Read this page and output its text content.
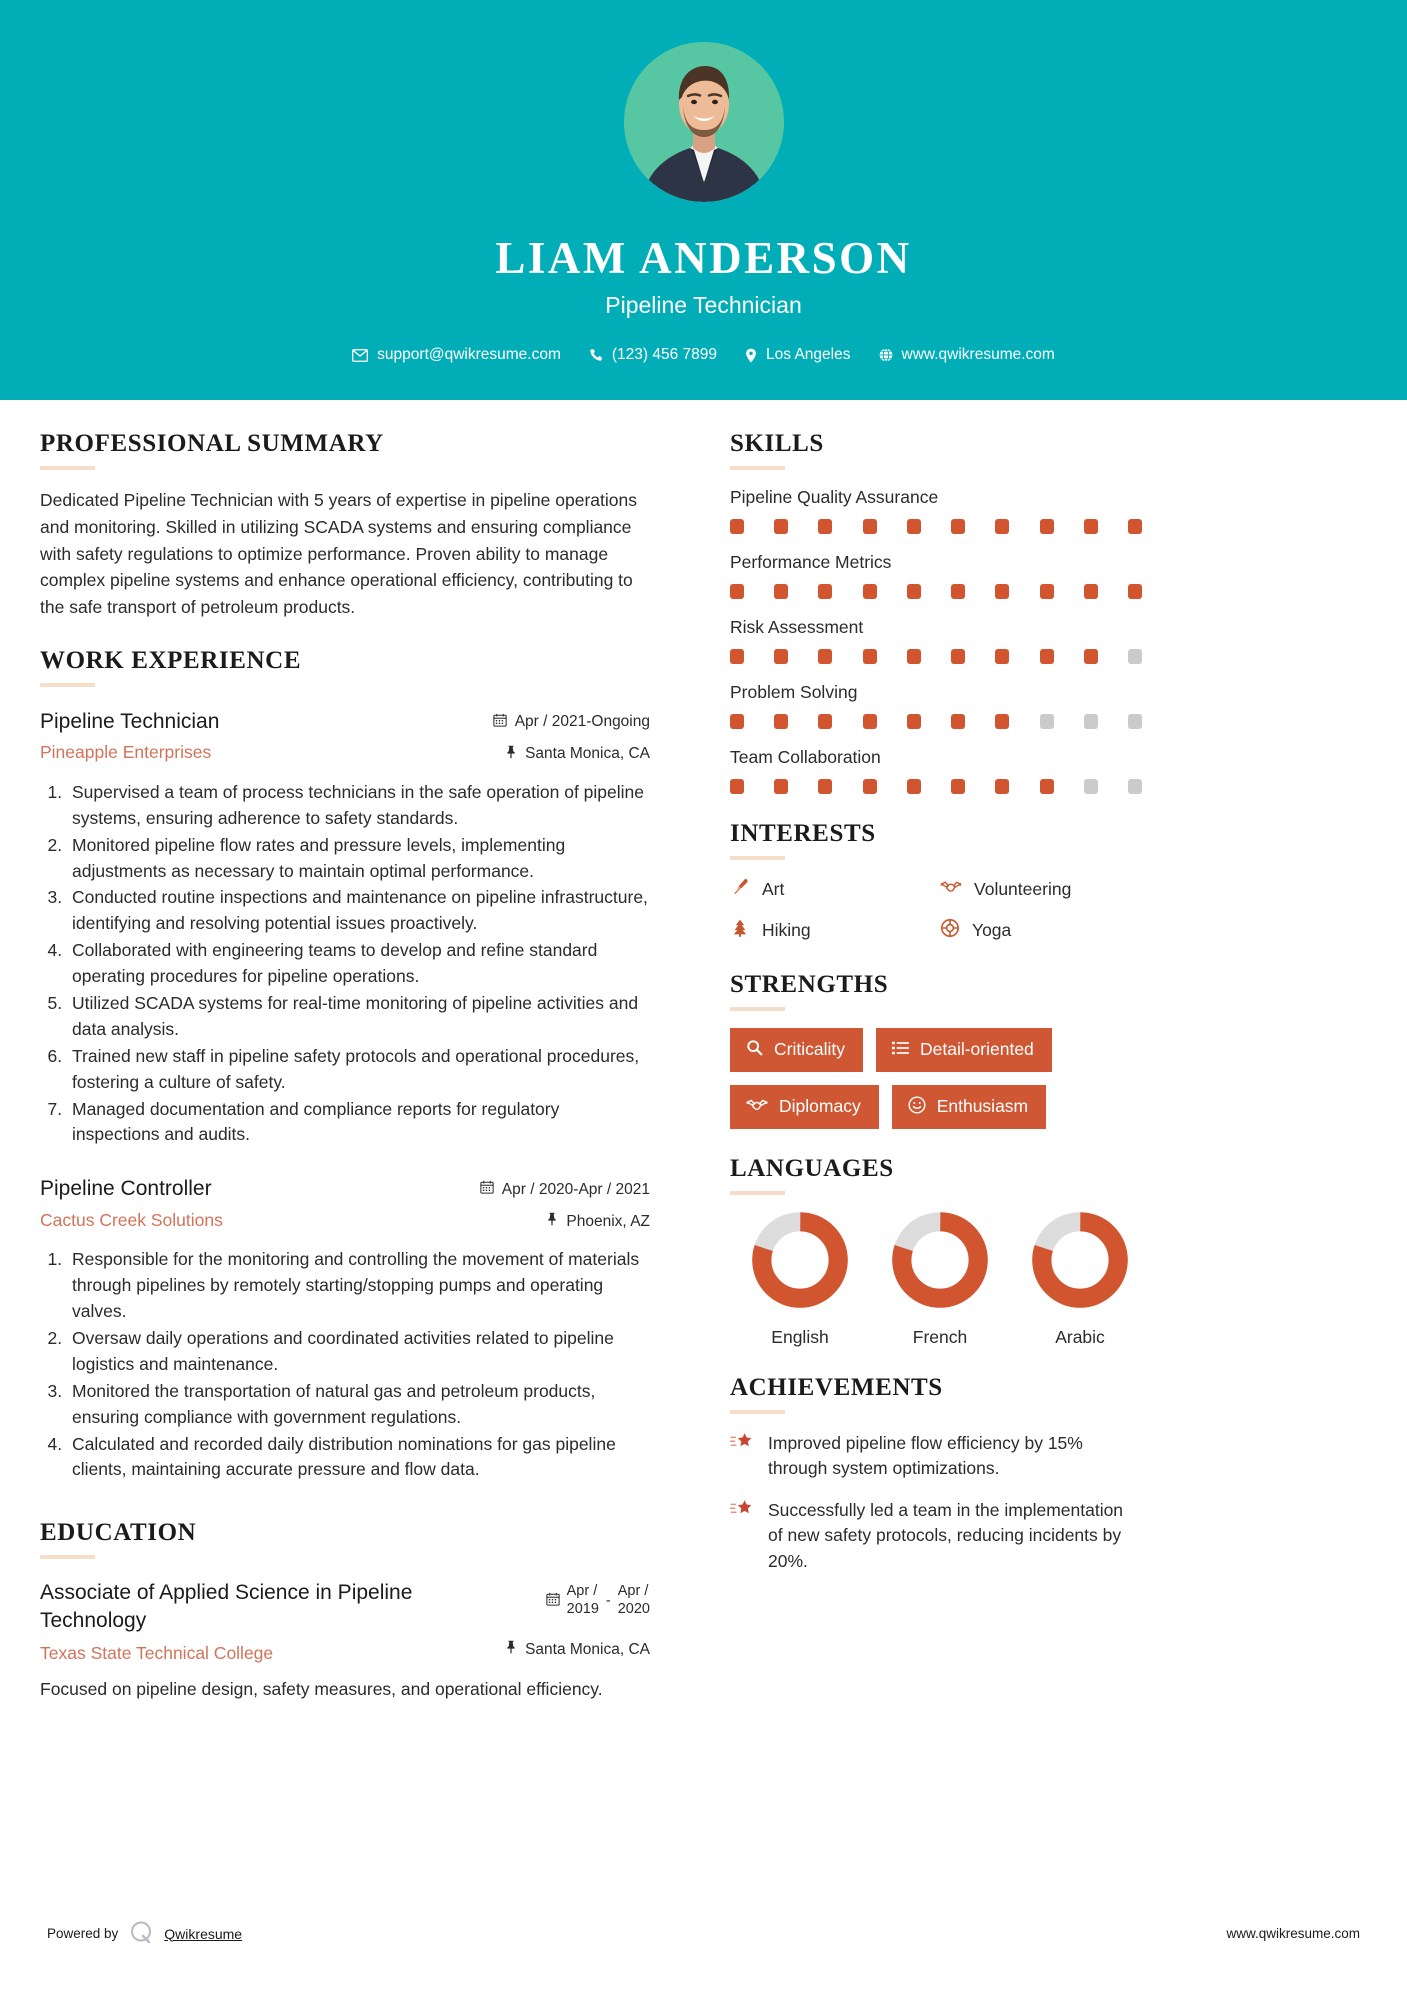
LIAM ANDERSON
Pipeline Technician
support@qwikresume.com	(123) 456 7899	Los Angeles	www.qwikresume.com
PROFESSIONAL SUMMARY
Dedicated Pipeline Technician with 5 years of expertise in pipeline operations and monitoring. Skilled in utilizing SCADA systems and ensuring compliance with safety regulations to optimize performance. Proven ability to manage complex pipeline systems and enhance operational efficiency, contributing to the safe transport of petroleum products.
WORK EXPERIENCE
Pipeline Technician
Pineapple Enterprises
Apr / 2021-Ongoing
Santa Monica, CA
1. Supervised a team of process technicians in the safe operation of pipeline systems, ensuring adherence to safety standards.
2. Monitored pipeline flow rates and pressure levels, implementing adjustments as necessary to maintain optimal performance.
3. Conducted routine inspections and maintenance on pipeline infrastructure, identifying and resolving potential issues proactively.
4. Collaborated with engineering teams to develop and refine standard operating procedures for pipeline operations.
5. Utilized SCADA systems for real-time monitoring of pipeline activities and data analysis.
6. Trained new staff in pipeline safety protocols and operational procedures, fostering a culture of safety.
7. Managed documentation and compliance reports for regulatory inspections and audits.
Pipeline Controller
Cactus Creek Solutions
Apr / 2020-Apr / 2021
Phoenix, AZ
1. Responsible for the monitoring and controlling the movement of materials through pipelines by remotely starting/stopping pumps and operating valves.
2. Oversaw daily operations and coordinated activities related to pipeline logistics and maintenance.
3. Monitored the transportation of natural gas and petroleum products, ensuring compliance with government regulations.
4. Calculated and recorded daily distribution nominations for gas pipeline clients, maintaining accurate pressure and flow data.
EDUCATION
Associate of Applied Science in Pipeline Technology
Texas State Technical College
Apr /
2019 -
Apr /
2020
Santa Monica, CA
Focused on pipeline design, safety measures, and operational efficiency.
SKILLS
Pipeline Quality Assurance
Performance Metrics
Risk Assessment
Problem Solving
Team Collaboration
INTERESTS
Art	Volunteering
Hiking	Yoga
STRENGTHS
Criticality	Detail-oriented
Diplomacy	Enthusiasm
LANGUAGES
English	French	Arabic
ACHIEVEMENTS
Improved pipeline flow efficiency by 15% through system optimizations.
Successfully led a team in the implementation of new safety protocols, reducing incidents by 20%.
Powered by	Qwikresume	www.qwikresume.com
